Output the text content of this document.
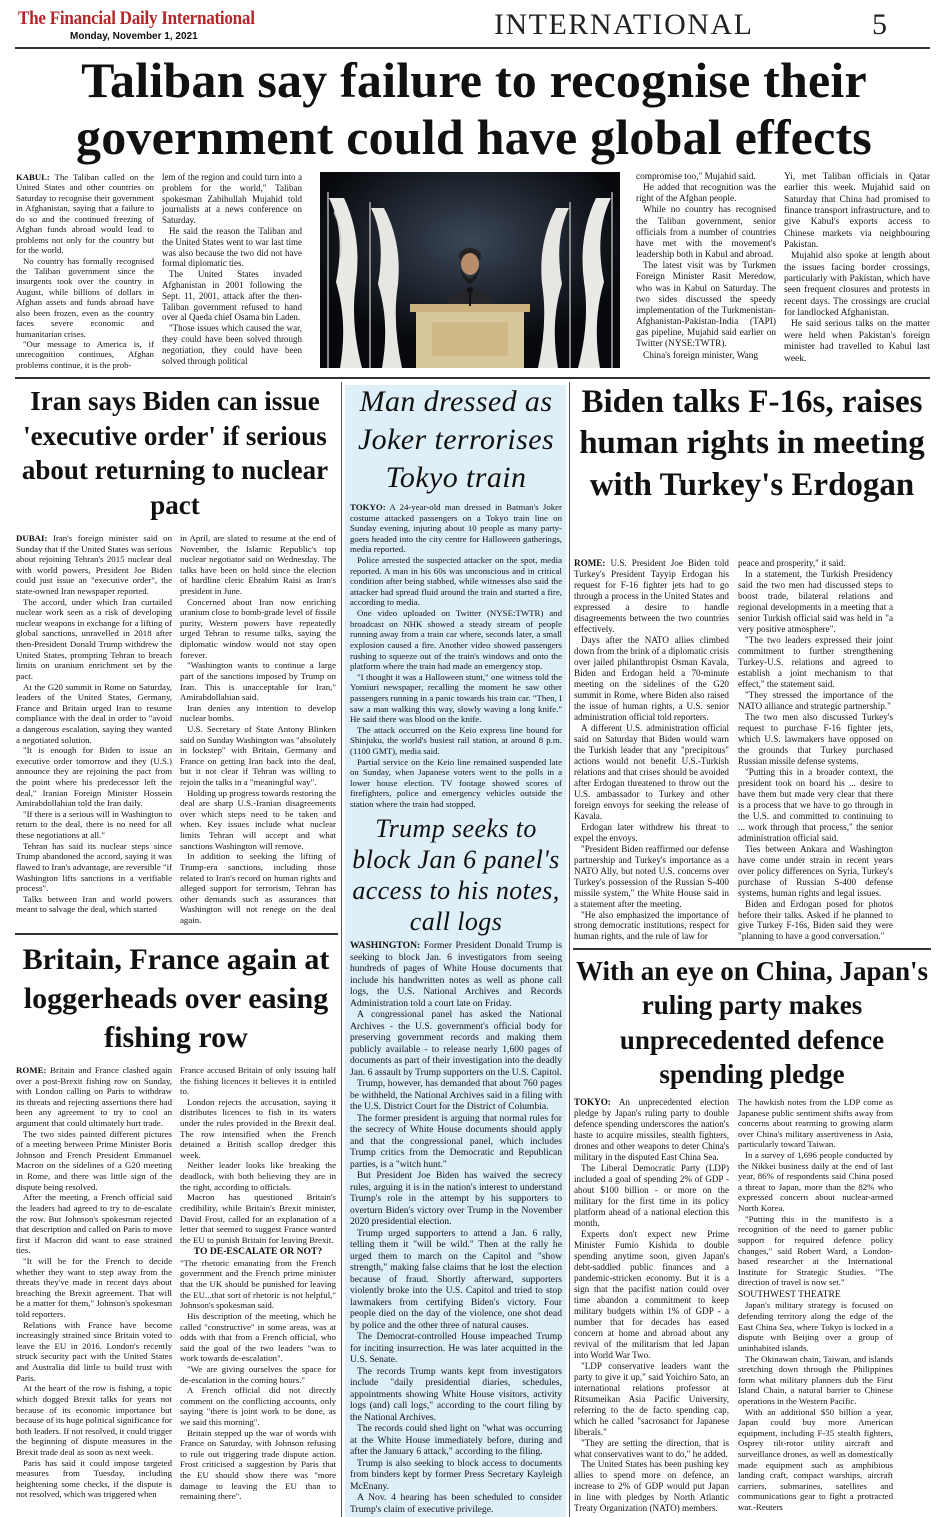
The Financial Daily International
Monday, November 1, 2021	INTERNATIONAL	5
Taliban say failure to recognise their government could have global effects

KABUL: The Taliban called on the United States and other countries on Saturday to recognise their government in Afghanistan, saying that a failure to do so and the continued freezing of Afghan funds abroad would lead to problems not only for the country but for the world.

No country has formally recognised the Taliban government since the insurgents took over the country in August, while billions of dollars in Afghan assets and funds abroad have also been frozen, even as the country faces severe economic and humanitarian crises.

"Our message to America is, if unrecognition continues, Afghan problems continue, it is the prob-

lem of the region and could turn into a problem for the world," Taliban spokesman Zabihullah Mujahid told journalists at a news conference on Saturday.

He said the reason the Taliban and the United States went to war last time was also because the two did not have formal diplomatic ties.

The United States invaded Afghanistan in 2001 following the Sept. 11, 2001, attack after the then-Taliban government refused to hand over al Qaeda chief Osama bin Laden.

"Those issues which caused the war, they could have been solved through negotiation, they could have been solved through political

compromise too," Mujahid said.

He added that recognition was the right of the Afghan people.

While no country has recognised the Taliban government, senior officials from a number of countries have met with the movement's leadership both in Kabul and abroad.

The latest visit was by Turkmen Foreign Minister Rasit Meredow, who was in Kabul on Saturday. The two sides discussed the speedy implementation of the Turkmenistan-Afghanistan-Pakistan-India (TAPI) gas pipeline, Mujahid said earlier on Twitter (NYSE:TWTR).

China's foreign minister, Wang

Yi, met Taliban officials in Qatar earlier this week. Mujahid said on Saturday that China had promised to finance transport infrastructure, and to give Kabul's exports access to Chinese markets via neighbouring Pakistan.

Mujahid also spoke at length about the issues facing border crossings, particularly with Pakistan, which have seen frequent closures and protests in recent days. The crossings are crucial for landlocked Afghanistan.

He said serious talks on the matter were held when Pakistan's foreign minister had travelled to Kabul last week.

Iran says Biden can issue 'executive order' if serious about returning to nuclear pact

DUBAI: Iran's foreign minister said on Sunday that if the United States was serious about rejoining Tehran's 2015 nuclear deal with world powers, President Joe Biden could just issue an "executive order", the state-owned Iran newspaper reported.

The accord, under which Iran curtailed nuclear work seen as a risk of developing nuclear weapons in exchange for a lifting of global sanctions, unravelled in 2018 after then-President Donald Trump withdrew the United States, prompting Tehran to breach limits on uranium enrichment set by the pact.

At the G20 summit in Rome on Saturday, leaders of the United States, Germany, France and Britain urged Iran to resume compliance with the deal in order to "avoid a dangerous escalation, saying they wanted a negotiated solution.

"It is enough for Biden to issue an executive order tomorrow and they (U.S.) announce they are rejoining the pact from the point where his predecessor left the deal," Iranian Foreign Minister Hossein Amirabdollahian told the Iran daily.

"If there is a serious will in Washington to return to the deal, there is no need for all these negotiations at all."

Tehran has said its nuclear steps since Trump abandoned the accord, saying it was flawed to Iran's advantage, are reversible "if Washington lifts sanctions in a verifiable process".

Talks between Iran and world powers meant to salvage the deal, which started

in April, are slated to resume at the end of November, the Islamic Republic's top nuclear negotiator said on Wednesday. The talks have been on hold since the election of hardline cleric Ebrahim Raisi as Iran's president in June.

Concerned about Iran now enriching uranium close to bomb-grade level of fissile purity, Western powers have repeatedly urged Tehran to resume talks, saying the diplomatic window would not stay open forever.

"Washington wants to continue a large part of the sanctions imposed by Trump on Iran. This is unacceptable for Iran," Amirabdollahian said.

Iran denies any intention to develop nuclear bombs.

U.S. Secretary of State Antony Blinken said on Sunday Washington was "absolutely in lockstep" with Britain, Germany and France on getting Iran back into the deal, but it not clear if Tehran was willing to rejoin the talks in a "meaningful way".

Holding up progress towards restoring the deal are sharp U.S.-Iranian disagreements over which steps need to be taken and when. Key issues include what nuclear limits Tehran will accept and what sanctions Washington will remove.

In addition to seeking the lifting of Trump-era sanctions, including those related to Iran's record on human rights and alleged support for terrorism, Tehran has other demands such as assurances that Washington will not renege on the deal again.

Britain, France again at loggerheads over easing fishing row

ROME: Britain and France clashed again over a post-Brexit fishing row on Sunday, with London calling on Paris to withdraw its threats and rejecting assertions there had been any agreement to try to cool an argument that could ultimately hurt trade.

The two sides painted different pictures of a meeting between Prime Minister Boris Johnson and French President Emmanuel Macron on the sidelines of a G20 meeting in Rome, and there was little sign of the dispute being resolved.

After the meeting, a French official said the leaders had agreed to try to de-escalate the row. But Johnson's spokesman rejected that description and called on Paris to move first if Macron did want to ease strained ties.

"It will be for the French to decide whether they want to step away from the threats they've made in recent days about breaching the Brexit agreement. That will be a matter for them," Johnson's spokesman told reporters.

Relations with France have become increasingly strained since Britain voted to leave the EU in 2016. London's recently struck security pact with the United States and Australia did little to build trust with Paris.

At the heart of the row is fishing, a topic which dogged Brexit talks for years not because of its economic importance but because of its huge political significance for both leaders. If not resolved, it could trigger the beginning of dispute measures in the Brexit trade deal as soon as next week.

Paris has said it could impose targeted measures from Tuesday, including heightening some checks, if the dispute is not resolved, which was triggered when

France accused Britain of only issuing half the fishing licences it believes it is entitled to.

London rejects the accusation, saying it distributes licences to fish in its waters under the rules provided in the Brexit deal. The row intensified when the French detained a British scallop dredger this week.

Neither leader looks like breaking the deadlock, with both believing they are in the right, according to officials.

Macron has questioned Britain's credibility, while Britain's Brexit minister, David Frost, called for an explanation of a letter that seemed to suggest France wanted the EU to punish Britain for leaving Brexit.

TO DE-ESCALATE OR NOT?

"The rhetoric emanating from the French government and the French prime minister that the UK should be punished for leaving the EU...that sort of rhetoric is not helpful," Johnson's spokesman said.

His description of the meeting, which he called "constructive" in some areas, was at odds with that from a French official, who said the goal of the two leaders "was to work towards de-escalation".

"We are giving ourselves the space for de-escalation in the coming hours."

A French official did not directly comment on the conflicting accounts, only saying "there is joint work to be done, as we said this morning".

Britain stepped up the war of words with France on Saturday, with Johnson refusing to rule out triggering trade dispute action. Frost criticised a suggestion by Paris that the EU should show there was "more damage to leaving the EU than to remaining there".

Man dressed as Joker terrorises Tokyo train

TOKYO: A 24-year-old man dressed in Batman's Joker costume attacked passengers on a Tokyo train line on Sunday evening, injuring about 10 people as many party-goers headed into the city centre for Halloween gatherings, media reported.

Police arrested the suspected attacker on the spot, media reported. A man in his 60s was unconscious and in critical condition after being stabbed, while witnesses also said the attacker had spread fluid around the train and started a fire, according to media.

One video uploaded on Twitter (NYSE:TWTR) and broadcast on NHK showed a steady stream of people running away from a train car where, seconds later, a small explosion caused a fire. Another video showed passengers rushing to squeeze out of the train's windows and onto the platform where the train had made an emergency stop.

"I thought it was a Halloween stunt," one witness told the Yomiuri newspaper, recalling the moment he saw other passengers running in a panic towards his train car. "Then, I saw a man walking this way, slowly waving a long knife." He said there was blood on the knife.

The attack occurred on the Keio express line bound for Shinjuku, the world's busiest rail station, at around 8 p.m. (1100 GMT), media said.

Partial service on the Keio line remained suspended late on Sunday, when Japanese voters went to the polls in a lower house election. TV footage showed scores of firefighters, police and emergency vehicles outside the station where the train had stopped.

Trump seeks to block Jan 6 panel's access to his notes, call logs

WASHINGTON: Former President Donald Trump is seeking to block Jan. 6 investigators from seeing hundreds of pages of White House documents that include his handwritten notes as well as phone call logs, the U.S. National Archives and Records Administration told a court late on Friday.

A congressional panel has asked the National Archives - the U.S. government's official body for preserving government records and making them publicly available - to release nearly 1,600 pages of documents as part of their investigation into the deadly Jan. 6 assault by Trump supporters on the U.S. Capitol.

Trump, however, has demanded that about 760 pages be withheld, the National Archives said in a filing with the U.S. District Court for the District of Columbia.

The former president is arguing that normal rules for the secrecy of White House documents should apply and that the congressional panel, which includes Trump critics from the Democratic and Republican parties, is a "witch hunt."

But President Joe Biden has waived the secrecy rules, arguing it is in the nation's interest to understand Trump's role in the attempt by his supporters to overturn Biden's victory over Trump in the November 2020 presidential election.

Trump urged supporters to attend a Jan. 6 rally, telling them it "will be wild." Then at the rally he urged them to march on the Capitol and "show strength," making false claims that he lost the election because of fraud. Shortly afterward, supporters violently broke into the U.S. Capitol and tried to stop lawmakers from certifying Biden's victory. Four people died on the day of the violence, one shot dead by police and the other three of natural causes.

The Democrat-controlled House impeached Trump for inciting insurrection. He was later acquitted in the U.S. Senate.

The records Trump wants kept from investigators include "daily presidential diaries, schedules, appointments showing White House visitors, activity logs (and) call logs," according to the court filing by the National Archives.

The records could shed light on "what was occurring at the White House immediately before, during and after the January 6 attack," according to the filing.

Trump is also seeking to block access to documents from binders kept by former Press Secretary Kayleigh McEnany.

A Nov. 4 hearing has been scheduled to consider Trump's claim of executive privilege.

Biden talks F-16s, raises human rights in meeting with Turkey's Erdogan

ROME: U.S. President Joe Biden told Turkey's President Tayyip Erdogan his request for F-16 fighter jets had to go through a process in the United States and expressed a desire to handle disagreements between the two countries effectively.

Days after the NATO allies climbed down from the brink of a diplomatic crisis over jailed philanthropist Osman Kavala, Biden and Erdogan held a 70-minute meeting on the sidelines of the G20 summit in Rome, where Biden also raised the issue of human rights, a U.S. senior administration official told reporters.

A different U.S. administration official said on Saturday that Biden would warn the Turkish leader that any "precipitous" actions would not benefit U.S.-Turkish relations and that crises should be avoided after Erdogan threatened to throw out the U.S. ambassador to Turkey and other foreign envoys for seeking the release of Kavala.

Erdogan later withdrew his threat to expel the envoys.

"President Biden reaffirmed our defense partnership and Turkey's importance as a NATO Ally, but noted U.S. concerns over Turkey's possession of the Russian S-400 missile system," the White House said in a statement after the meeting.

"He also emphasized the importance of strong democratic institutions, respect for human rights, and the rule of law for

peace and prosperity," it said.

In a statement, the Turkish Presidency said the two men had discussed steps to boost trade, bilateral relations and regional developments in a meeting that a senior Turkish official said was held in "a very positive atmosphere".

"The two leaders expressed their joint commitment to further strengthening Turkey-U.S. relations and agreed to establish a joint mechanism to that effect," the statement said.

"They stressed the importance of the NATO alliance and strategic partnership."

The two men also discussed Turkey's request to purchase F-16 fighter jets, which U.S. lawmakers have opposed on the grounds that Turkey purchased Russian missile defense systems.

"Putting this in a broader context, the president took on board his ... desire to have them but made very clear that there is a process that we have to go through in the U.S. and committed to continuing to ... work through that process," the senior administration official said.

Ties between Ankara and Washington have come under strain in recent years over policy differences on Syria, Turkey's purchase of Russian S-400 defense systems, human rights and legal issues.

Biden and Erdogan posed for photos before their talks. Asked if he planned to give Turkey F-16s, Biden said they were "planning to have a good conversation."

With an eye on China, Japan's ruling party makes unprecedented defence spending pledge

TOKYO: An unprecedented election pledge by Japan's ruling party to double defence spending underscores the nation's haste to acquire missiles, stealth fighters, drones and other weapons to deter China's military in the disputed East China Sea.

The Liberal Democratic Party (LDP) included a goal of spending 2% of GDP - about $100 billion - or more on the military for the first time in its policy platform ahead of a national election this month.

Experts don't expect new Prime Minister Fumio Kishida to double spending anytime soon, given Japan's debt-saddled public finances and a pandemic-stricken economy. But it is a sign that the pacifist nation could over time abandon a commitment to keep military budgets within 1% of GDP - a number that for decades has eased concern at home and abroad about any revival of the militarism that led Japan into World War Two.

"LDP conservative leaders want the party to give it up," said Yoichiro Sato, an international relations professor at Ritsumeikan Asia Pacific University, referring to the de facto spending cap, which he called "sacrosanct for Japanese liberals."

"They are setting the direction, that is what conservatives want to do," he added.

The United States has been pushing key allies to spend more on defence, an increase to 2% of GDP would put Japan in line with pledges by North Atlantic Treaty Organization (NATO) members.

The hawkish notes from the LDP come as Japanese public sentiment shifts away from concerns about rearming to growing alarm over China's military assertiveness in Asia, particularly toward Taiwan.

In a survey of 1,696 people conducted by the Nikkei business daily at the end of last year, 86% of respondents said China posed a threat to Japan, more than the 82% who expressed concern about nuclear-armed North Korea.

"Putting this in the manifesto is a recognition of the need to garner public support for required defence policy changes," said Robert Ward, a London-based researcher at the International Institute for Strategic Studies. "The direction of travel is now set."

SOUTHWEST THEATRE

Japan's military strategy is focused on defending territory along the edge of the East China Sea, where Tokyo is locked in a dispute with Beijing over a group of uninhabited islands.

The Okinawan chain, Taiwan, and islands stretching down through the Philippines form what military planners dub the First Island Chain, a natural barrier to Chinese operations in the Western Pacific.

With an additional $50 billion a year, Japan could buy more American equipment, including F-35 stealth fighters, Osprey tilt-rotor utility aircraft and surveillance drones, as well as domestically made equipment such as amphibious landing craft, compact warships, aircraft carriers, submarines, satellites and communications gear to fight a protracted war.-Reuters
